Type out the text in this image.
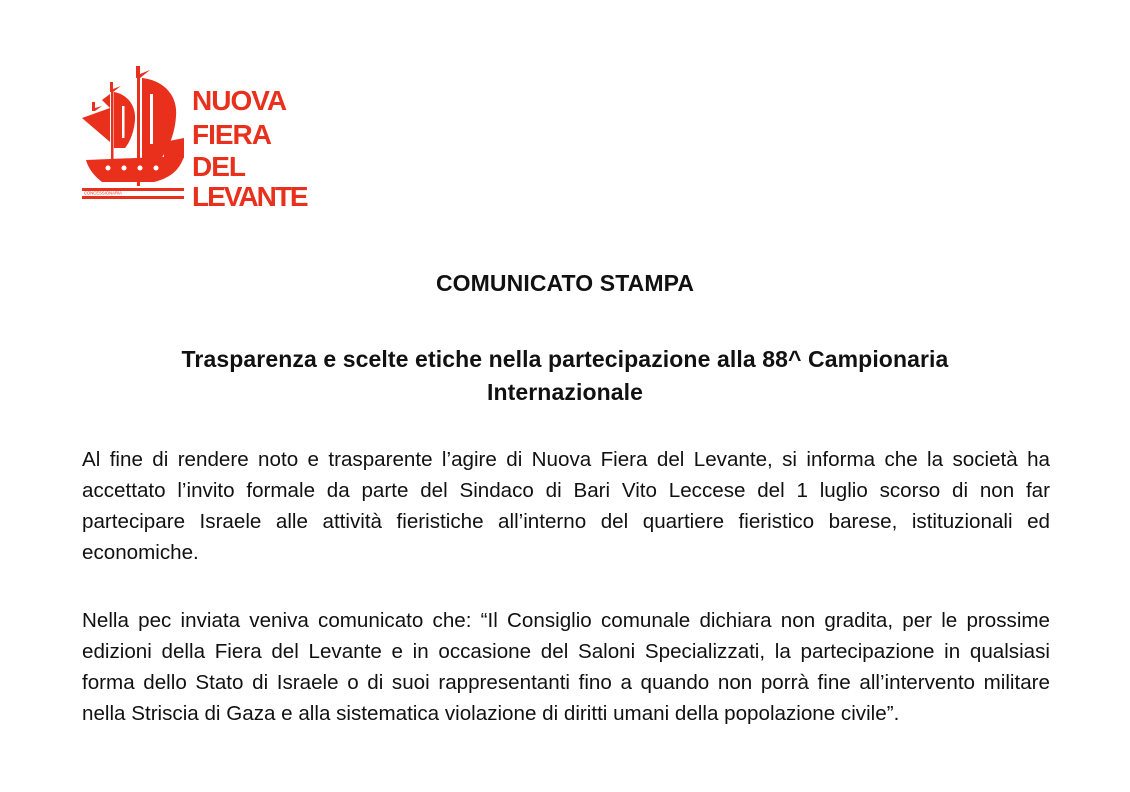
NUOVA
FIERA
DEL
LEVANTE
CONCESSIONARIA
COMUNICATO STAMPA
Trasparenza e scelte etiche nella partecipazione alla 88^ Campionaria Internazionale

Al fine di rendere noto e trasparente l’agire di Nuova Fiera del Levante, si informa che la società ha accettato l’invito formale da parte del Sindaco di Bari Vito Leccese del 1 luglio scorso di non far partecipare Israele alle attività fieristiche all’interno del quartiere fieristico barese, istituzionali ed economiche.

Nella pec inviata veniva comunicato che: “Il Consiglio comunale dichiara non gradita, per le prossime edizioni della Fiera del Levante e in occasione del Saloni Specializzati, la partecipazione in qualsiasi forma dello Stato di Israele o di suoi rappresentanti fino a quando non porrà fine all’intervento militare nella Striscia di Gaza e alla sistematica violazione di diritti umani della popolazione civile”.
